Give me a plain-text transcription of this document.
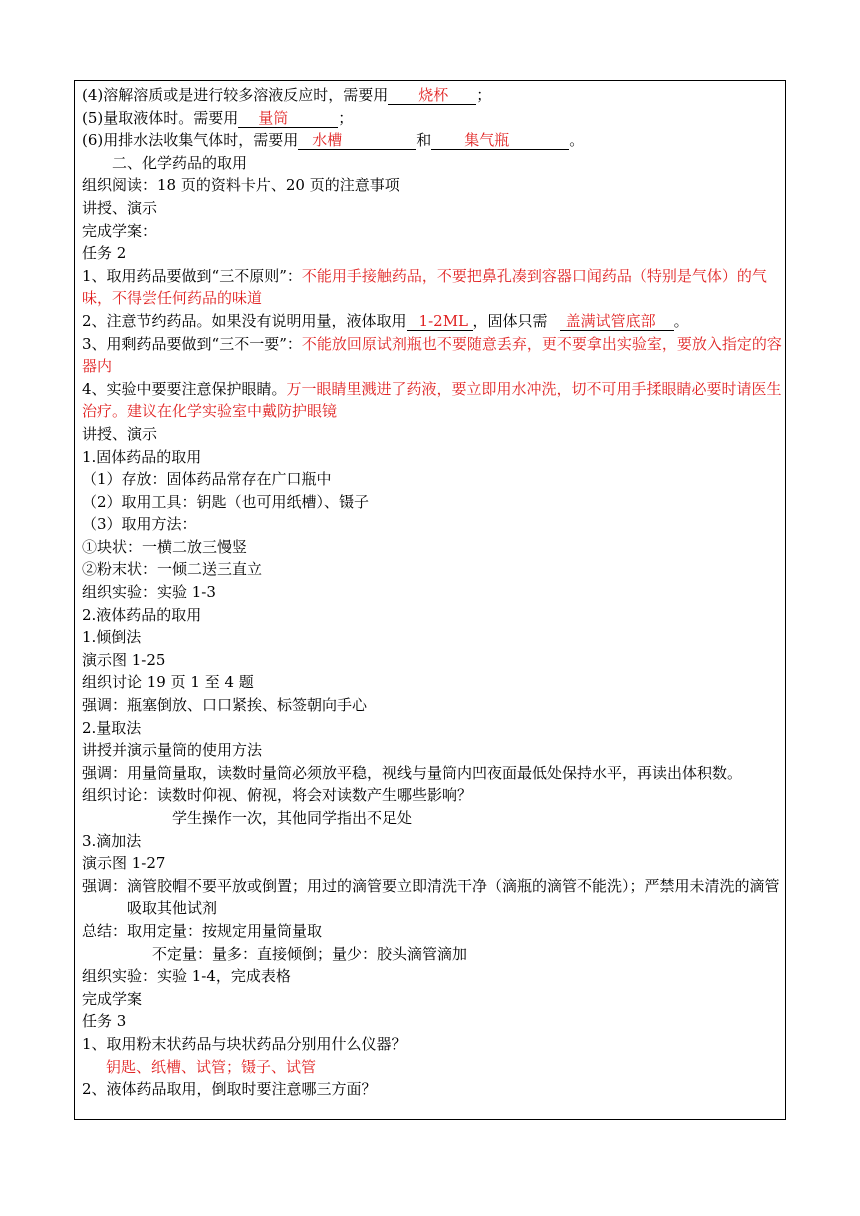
(4)溶解溶质或是进行较多溶液反应时，需要用 烧杯 ；
(5)量取液体时。需要用 量筒	；
(6)用排水法收集气体时，需要用 水槽	和 集气瓶	。
二、化学药品的取用
组织阅读：18 页的资料卡片、20 页的注意事项
讲授、演示
完成学案：
任务 2
1、取用药品要做到“三不原则”：不能用手接触药品，不要把鼻孔凑到容器口闻药品（特别是气体）的气味，不得尝任何药品的味道
2、注意节约药品。如果没有说明用量，液体取用 1-2ML ，固体只需 盖满试管底部 。
3、用剩药品要做到“三不一要”：不能放回原试剂瓶也不要随意丢弃，更不要拿出实验室，要放入指定的容器内
4、实验中要要注意保护眼睛。万一眼睛里溅进了药液，要立即用水冲洗，切不可用手揉眼睛必要时请医生治疗。建议在化学实验室中戴防护眼镜
讲授、演示
1.固体药品的取用
（1）存放：固体药品常存在广口瓶中
（2）取用工具：钥匙（也可用纸槽）、镊子
（3）取用方法：
①块状：一横二放三慢竖
②粉末状：一倾二送三直立
组织实验：实验 1-3
2.液体药品的取用
1.倾倒法
演示图 1-25
组织讨论 19 页 1 至 4 题
强调：瓶塞倒放、口口紧挨、标签朝向手心
2.量取法
讲授并演示量筒的使用方法
强调：用量筒量取，读数时量筒必须放平稳，视线与量筒内凹夜面最低处保持水平，再读出体积数。
组织讨论：读数时仰视、俯视，将会对读数产生哪些影响？
学生操作一次，其他同学指出不足处
3.滴加法
演示图 1-27
强调：滴管胶帽不要平放或倒置；用过的滴管要立即清洗干净（滴瓶的滴管不能洗）；严禁用未清洗的滴管吸取其他试剂
总结：取用定量：按规定用量筒量取
不定量：量多：直接倾倒；量少：胶头滴管滴加
组织实验：实验 1-4，完成表格
完成学案
任务 3
1、取用粉末状药品与块状药品分别用什么仪器？
钥匙、纸槽、试管；镊子、试管
2、液体药品取用，倒取时要注意哪三方面？
